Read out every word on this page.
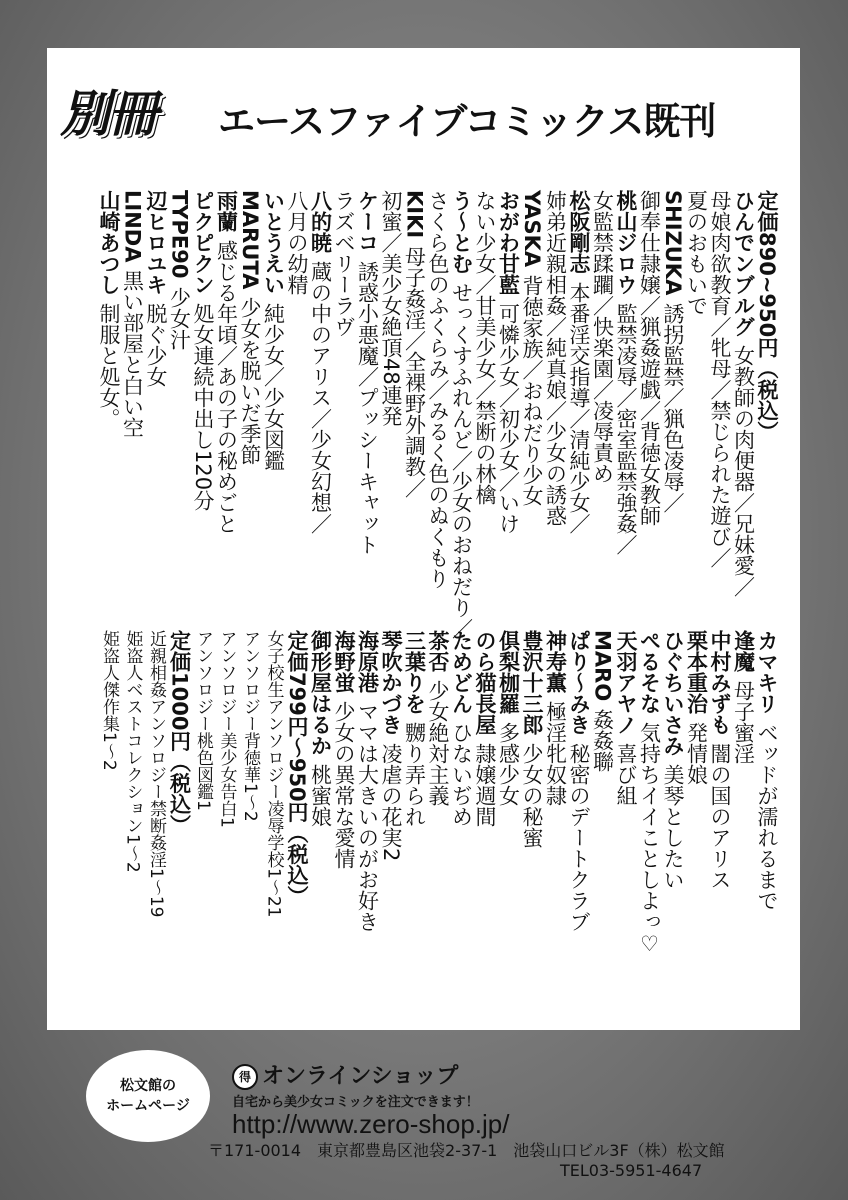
別冊	エースファイブコミックス既刊
定価890~950円（税込）
ひんでンブルグ女教師の肉便器／兄妹愛／
母娘肉欲教育／牝母／禁じられた遊び／
夏のおもいで
SHIZUKA誘拐監禁／猟色凌辱／
御奉仕隷嬢／猟姦遊戯／背徳女教師
桃山ジロウ監禁凌辱／密室監禁強姦／
女監禁蹂躙／快楽園／凌辱責め
松阪剛志本番淫交指導／清純少女／
姉弟近親相姦／純真娘／少女の誘惑
YASKA背徳家族／おねだり少女
おがわ甘藍可憐少女／初少女／いけ
ない少女／甘美少女／禁断の林檎
う～とむせっくすふれんど／少女のおねだり／
さくら色のふくらみ／みるく色のぬくもり
KIKI母子姦淫／全裸野外調教／
初蜜／美少女絶頂48連発
ケーコ誘惑小悪魔／プッシーキャット
ラズベリーラヴ
八的暁蔵の中のアリス／少女幻想／
八月の幼精
いとうえい純少女／少女図鑑
MARUTA少女を脱いだ季節
雨蘭感じる年頃／あの子の秘めごと
ピクピクン処女連続中出し120分
TYPE90少女汁
辺ヒロユキ脱ぐ少女
LINDA黒い部屋と白い空
山崎あつし制服と処女。
カマキリベッドが濡れるまで
逢魔母子蜜淫
中村みずも闇の国のアリス
栗本重治発情娘
ひぐちいさみ美琴としたい
ぺるそな気持ちイイことしよっ♡
天羽アヤノ喜び組
MARO姦姦聯
ぱり～みき秘密のデートクラブ
神寿薫極淫牝奴隷
豊沢十三郎少女の秘蜜
倶梨枷羅多感少女
のら猫長屋隷嬢週間
ためどんひないぢめ
茶否少女絶対主義
三葉りを嬲り弄られ
琴吹かづき凌虐の花実2
海原港ママは大きいのがお好き
海野蛍少女の異常な愛情
御形屋はるか桃蜜娘
定価799円～950円（税込）
女子校生アンソロジー凌辱学校1～21
アンソロジー背徳華1～2
アンソロジー美少女告白1
アンソロジー桃色図鑑1
定価1000円（税込）
近親相姦アンソロジー禁断姦淫1～19
姫盗人ベストコレクション1～2
姫盗人傑作集1～2
松文館の
ホームページ
得 オンラインショップ
自宅から美少女コミックを注文できます！
http://www.zero-shop.jp/
〒171-0014　東京都豊島区池袋2-37-1　池袋山口ビル3F（株）松文館
TEL03-5951-4647
